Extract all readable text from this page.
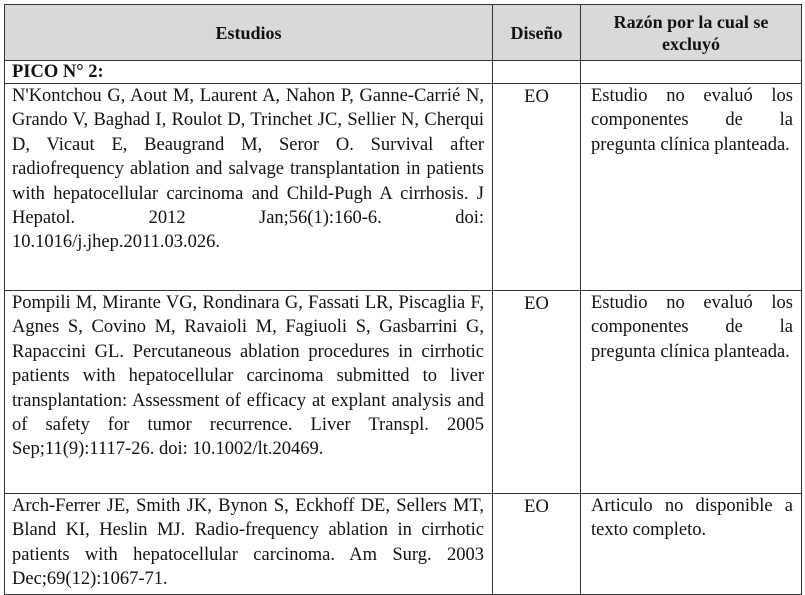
Estudios	Diseño	Razón por la cual se excluyó
PICO N° 2:		
N'Kontchou G, Aout M, Laurent A, Nahon P, Ganne-Carrié N, Grando V, Baghad I, Roulot D, Trinchet JC, Sellier N, Cherqui D, Vicaut E, Beaugrand M, Seror O. Survival after radiofrequency ablation and salvage transplantation in patients with hepatocellular carcinoma and Child-Pugh A cirrhosis. J Hepatol. 2012 Jan;56(1):160-6. doi: 10.1016/j.jhep.2011.03.026.	EO	Estudio no evaluó los componentes de la pregunta clínica planteada.
Pompili M, Mirante VG, Rondinara G, Fassati LR, Piscaglia F, Agnes S, Covino M, Ravaioli M, Fagiuoli S, Gasbarrini G, Rapaccini GL. Percutaneous ablation procedures in cirrhotic patients with hepatocellular carcinoma submitted to liver transplantation: Assessment of efficacy at explant analysis and of safety for tumor recurrence. Liver Transpl. 2005 Sep;11(9):1117-26. doi: 10.1002/lt.20469.	EO	Estudio no evaluó los componentes de la pregunta clínica planteada.
Arch-Ferrer JE, Smith JK, Bynon S, Eckhoff DE, Sellers MT, Bland KI, Heslin MJ. Radio-frequency ablation in cirrhotic patients with hepatocellular carcinoma. Am Surg. 2003 Dec;69(12):1067-71.	EO	Articulo no disponible a texto completo.
